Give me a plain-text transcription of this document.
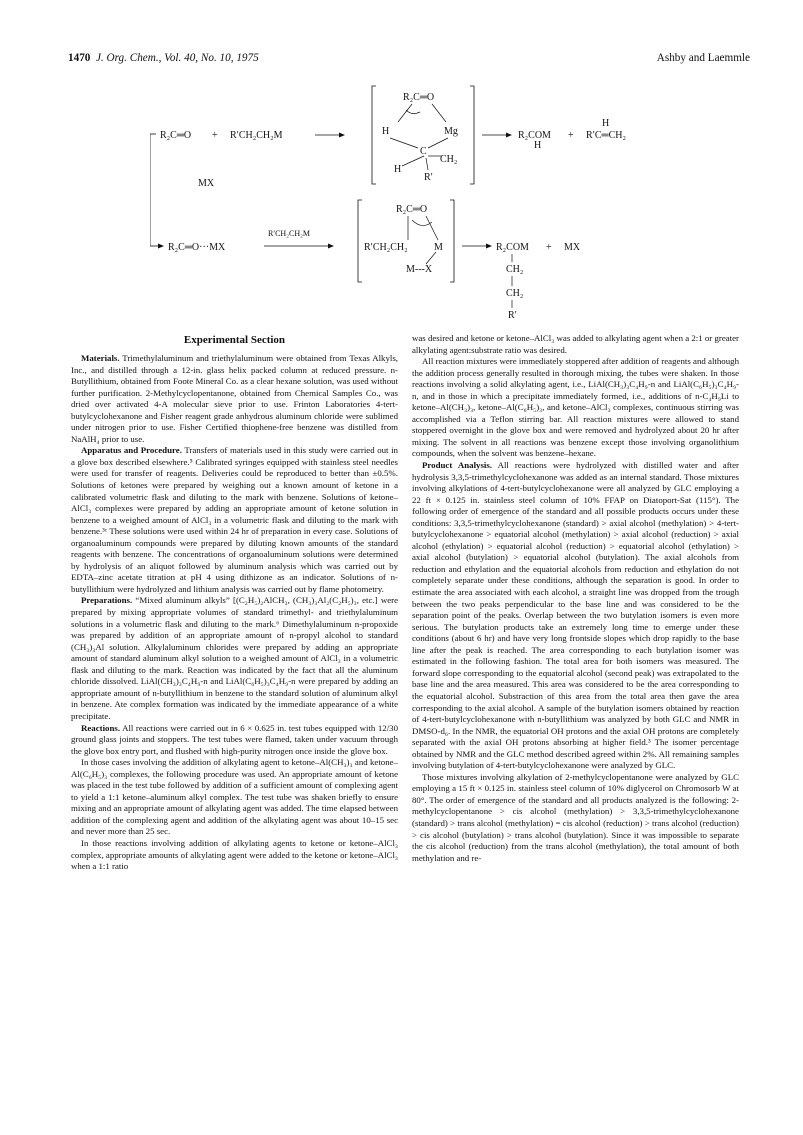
1470 J. Org. Chem., Vol. 40, No. 10, 1975	Ashby and Laemmle
R₂C═O + R′CH₂CH₂M
R₂C═O
H	Mg
C
CH₂
H
R′
R₂COM
H
+ R′C═CH₂
H
MX
R₂C═O···MX
R′CH₂CH₂M
R₂C═O
R′CH₂CH₂	M
M---X
R₂COM + MX
CH₂
CH₂
R′
Experimental Section

Materials. Trimethylaluminum and triethylaluminum were obtained from Texas Alkyls, Inc., and distilled through a 12-in. glass helix packed column at reduced pressure. n-Butyllithium, obtained from Foote Mineral Co. as a clear hexane solution, was used without further purification. 2-Methylcyclopentanone, obtained from Chemical Samples Co., was dried over activated 4-A molecular sieve prior to use. Frinton Laboratories 4-tert-butylcyclohexanone and Fisher reagent grade anhydrous aluminum chloride were sublimed under nitrogen prior to use. Fisher Certified thiophene-free benzene was distilled from NaAlH₄ prior to use.

Apparatus and Procedure. Transfers of materials used in this study were carried out in a glove box described elsewhere.⁵ Calibrated syringes equipped with stainless steel needles were used for transfer of reagents. Deliveries could be reproduced to better than ±0.5%. Solutions of ketones were prepared by weighing out a known amount of ketone in a calibrated volumetric flask and diluting to the mark with benzene. Solutions of ketone–AlCl₃ complexes were prepared by adding an appropriate amount of ketone solution in benzene to a weighed amount of AlCl₃ in a volumetric flask and diluting to the mark with benzene.³ᶜ These solutions were used within 24 hr of preparation in every case. Solutions of organoaluminum compounds were prepared by diluting known amounts of the standard reagents with benzene. The concentrations of organoaluminum solutions were determined by hydrolysis of an aliquot followed by aluminum analysis which was carried out by EDTA–zinc acetate titration at pH 4 using dithizone as an indicator. Solutions of n-butyllithium were hydrolyzed and lithium analysis was carried out by flame photometry.

Preparations. “Mixed aluminum alkyls” [(C₂H₅)₂AlCH₃, (CH₃)₃Al₂(C₂H₅)₃, etc.] were prepared by mixing appropriate volumes of standard trimethyl- and triethylaluminum solutions in a volumetric flask and diluting to the mark.⁶ Dimethylaluminum n-propoxide was prepared by addition of an appropriate amount of n-propyl alcohol to standard (CH₃)₃Al solution. Alkylaluminum chlorides were prepared by adding an appropriate amount of standard aluminum alkyl solution to a weighed amount of AlCl₃ in a volumetric flask and diluting to the mark. Reaction was indicated by the fact that all the aluminum chloride dissolved. LiAl(CH₃)₃C₄H₉-n and LiAl(C₆H₅)₃C₄H₉-n were prepared by adding an appropriate amount of n-butyllithium in benzene to the standard solution of aluminum alkyl in benzene. Ate complex formation was indicated by the immediate appearance of a white precipitate.

Reactions. All reactions were carried out in 6 × 0.625 in. test tubes equipped with 12/30 ground glass joints and stoppers. The test tubes were flamed, taken under vacuum through the glove box entry port, and flushed with high-purity nitrogen once inside the glove box.

In those cases involving the addition of alkylating agent to ketone–Al(CH₃)₃ and ketone–Al(C₆H₅)₃ complexes, the following procedure was used. An appropriate amount of ketone was placed in the test tube followed by addition of a sufficient amount of complexing agent to yield a 1:1 ketone–aluminum alkyl complex. The test tube was shaken briefly to ensure mixing and an appropriate amount of alkylating agent was added. The time elapsed between addition of the complexing agent and addition of the alkylating agent was about 10–15 sec and never more than 25 sec.

In those reactions involving addition of alkylating agents to ketone or ketone–AlCl₃ complex, appropriate amounts of alkylating agent were added to the ketone or ketone–AlCl₃ when a 1:1 ratio

was desired and ketone or ketone–AlCl₃ was added to alkylating agent when a 2:1 or greater alkylating agent:substrate ratio was desired.

All reaction mixtures were immediately stoppered after addition of reagents and although the addition process generally resulted in thorough mixing, the tubes were shaken. In those reactions involving a solid alkylating agent, i.e., LiAl(CH₃)₃C₄H₉-n and LiAl(C₆H₅)₃C₄H₉-n, and in those in which a precipitate immediately formed, i.e., additions of n-C₄H₉Li to ketone–Al(CH₃)₃, ketone–Al(C₆H₅)₃, and ketone–AlCl₃ complexes, continuous stirring was accomplished via a Teflon stirring bar. All reaction mixtures were allowed to stand stoppered overnight in the glove box and were removed and hydrolyzed about 20 hr after mixing. The solvent in all reactions was benzene except those involving organolithium compounds, when the solvent was benzene–hexane.

Product Analysis. All reactions were hydrolyzed with distilled water and after hydrolysis 3,3,5-trimethylcyclohexanone was added as an internal standard. Those mixtures involving alkylations of 4-tert-butylcyclohexanone were all analyzed by GLC employing a 22 ft × 0.125 in. stainless steel column of 10% FFAP on Diatoport-Sat (115°). The following order of emergence of the standard and all possible products occurs under these conditions: 3,3,5-trimethylcyclohexanone (standard) > axial alcohol (methylation) > 4-tert-butylcyclohexanone > equatorial alcohol (methylation) > axial alcohol (reduction) > axial alcohol (ethylation) > equatorial alcohol (reduction) > equatorial alcohol (ethylation) > axial alcohol (butylation) > equatorial alcohol (butylation). The axial alcohols from reduction and ethylation and the equatorial alcohols from reduction and ethylation do not completely separate under these conditions, although the separation is good. In order to estimate the area associated with each alcohol, a straight line was dropped from the trough between the two peaks perpendicular to the base line and was considered to be the separation point of the peaks. Overlap between the two butylation isomers is even more serious. The butylation products take an extremely long time to emerge under these conditions (about 6 hr) and have very long frontside slopes which drop rapidly to the base line after the peak is reached. The area corresponding to each butylation isomer was estimated in the following fashion. The total area for both isomers was measured. The forward slope corresponding to the equatorial alcohol (second peak) was extrapolated to the base line and the area measured. This area was considered to be the area corresponding to the equatorial alcohol. Substraction of this area from the total area then gave the area corresponding to the axial alcohol. A sample of the butylation isomers obtained by reaction of 4-tert-butylcyclohexanone with n-butyllithium was analyzed by both GLC and NMR in DMSO-d₆. In the NMR, the equatorial OH protons and the axial OH protons are completely separated with the axial OH protons absorbing at higher field.³ The isomer percentage obtained by NMR and the GLC method described agreed within 2%. All remaining samples involving butylation of 4-tert-butylcyclohexanone were analyzed by GLC.

Those mixtures involving alkylation of 2-methylcyclopentanone were analyzed by GLC employing a 15 ft × 0.125 in. stainless steel column of 10% diglycerol on Chromosorb W at 80°. The order of emergence of the standard and all products analyzed is the following: 2-methylcyclopentanone > cis alcohol (methylation) > 3,3,5-trimethylcyclohexanone (standard) > trans alcohol (methylation) = cis alcohol (reduction) > trans alcohol (reduction) > cis alcohol (butylation) > trans alcohol (butylation). Since it was impossible to separate the cis alcohol (reduction) from the trans alcohol (methylation), the total amount of both methylation and re-
